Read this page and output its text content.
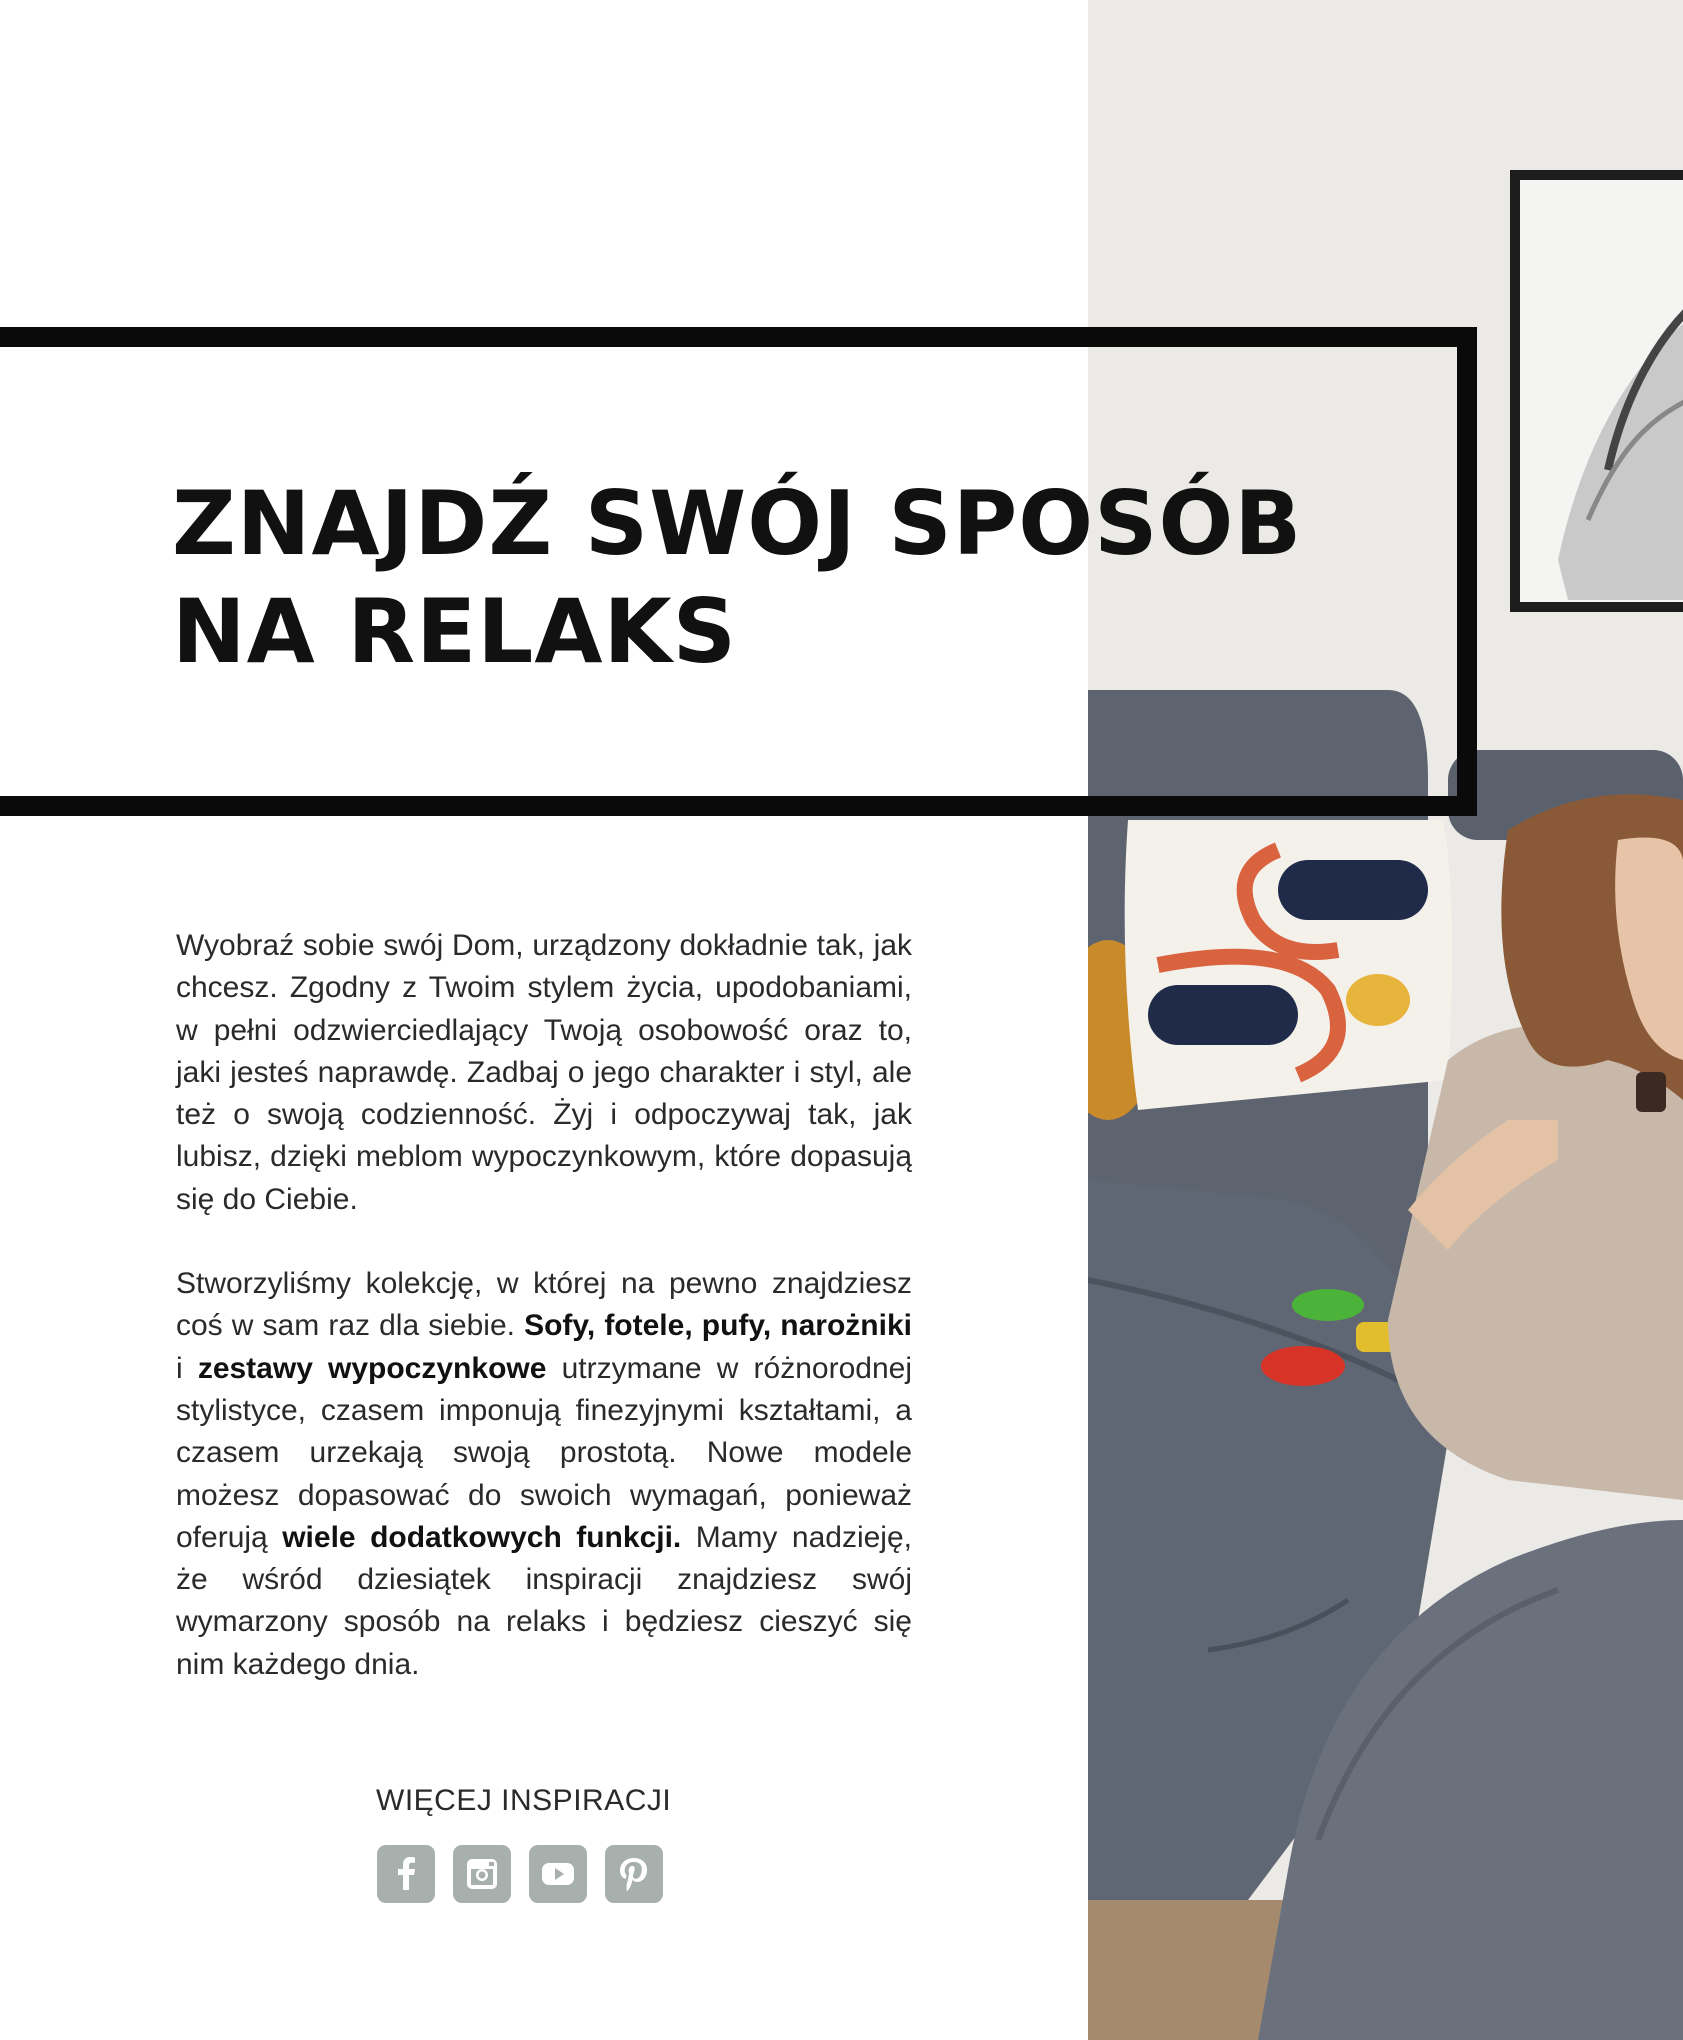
ZNAJDŹ SWÓJ SPOSÓB
NA RELAKS

Wyobraź sobie swój Dom, urządzony dokładnie tak, jak chcesz. Zgodny z Twoim stylem życia, upodobaniami, w pełni odzwierciedlający Twoją osobowość oraz to, jaki jesteś naprawdę. Zadbaj o jego charakter i styl, ale też o swoją codzienność. Żyj i odpoczywaj tak, jak lubisz, dzięki meblom wypoczynkowym, które dopasują się do Ciebie.

Stworzyliśmy kolekcję, w której na pewno znajdziesz coś w sam raz dla siebie. Sofy, fotele, pufy, narożniki i zestawy wypoczynkowe utrzymane w różnorodnej stylistyce, czasem imponują finezyjnymi kształtami, a czasem urzekają swoją prostotą. Nowe modele możesz dopasować do swoich wymagań, ponieważ oferują wiele dodatkowych funkcji. Mamy nadzieję, że wśród dziesiątek inspiracji znajdziesz swój wymarzony sposób na relaks i będziesz cieszyć się nim każdego dnia.

WIĘCEJ INSPIRACJI
